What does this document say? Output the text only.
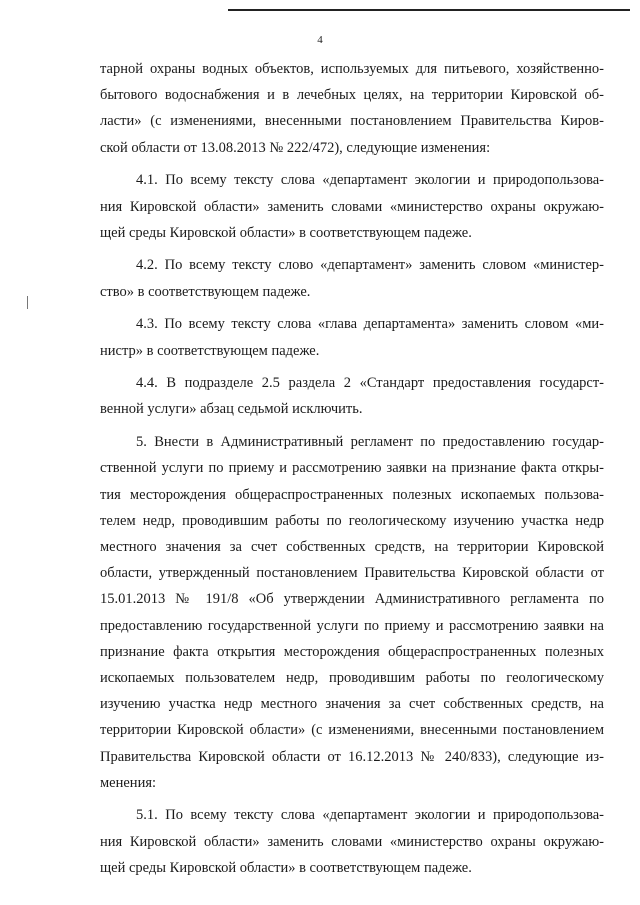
4

тарной охраны водных объектов, используемых для питьевого, хозяйственно-
бытового водоснабжения и в лечебных целях, на территории Кировской об-
ласти» (с изменениями, внесенными постановлением Правительства Киров-
ской области от 13.08.2013 № 222/472), следующие изменения:

4.1. По всему тексту слова «департамент экологии и природопользова-
ния Кировской области» заменить словами «министерство охраны окружаю-
щей среды Кировской области» в соответствующем падеже.

4.2. По всему тексту слово «департамент» заменить словом «министер-
ство» в соответствующем падеже.

4.3. По всему тексту слова «глава департамента» заменить словом «ми-
нистр» в соответствующем падеже.

4.4. В подразделе 2.5 раздела 2 «Стандарт предоставления государст-
венной услуги» абзац седьмой исключить.

5. Внести в Административный регламент по предоставлению государ-
ственной услуги по приему и рассмотрению заявки на признание факта откры-
тия месторождения общераспространенных полезных ископаемых пользова-
телем недр, проводившим работы по геологическому изучению участка недр
местного значения за счет собственных средств, на территории Кировской
области, утвержденный постановлением Правительства Кировской области от
15.01.2013 № 191/8 «Об утверждении Административного регламента по
предоставлению государственной услуги по приему и рассмотрению заявки на
признание факта открытия месторождения общераспространенных полезных
ископаемых пользователем недр, проводившим работы по геологическому
изучению участка недр местного значения за счет собственных средств, на
территории Кировской области» (с изменениями, внесенными постановлением
Правительства Кировской области от 16.12.2013 № 240/833), следующие из-
менения:

5.1. По всему тексту слова «департамент экологии и природопользова-
ния Кировской области» заменить словами «министерство охраны окружаю-
щей среды Кировской области» в соответствующем падеже.
